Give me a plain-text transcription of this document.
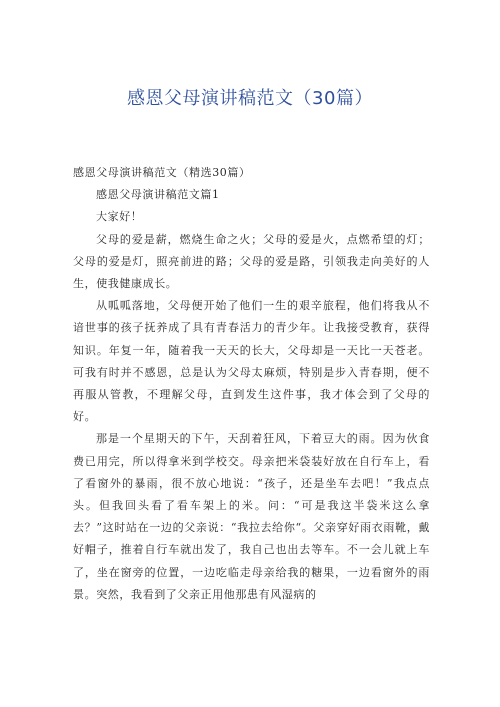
感恩父母演讲稿范文（30篇）

感恩父母演讲稿范文（精选30篇）

感恩父母演讲稿范文篇1

大家好！

父母的爱是薪，燃烧生命之火；父母的爱是火，点燃希望的灯；父母的爱是灯，照亮前进的路；父母的爱是路，引领我走向美好的人生，使我健康成长。

从呱呱落地，父母便开始了他们一生的艰辛旅程，他们将我从不谙世事的孩子抚养成了具有青春活力的青少年。让我接受教育，获得知识。年复一年，随着我一天天的长大，父母却是一天比一天苍老。可我有时并不感恩，总是认为父母太麻烦，特别是步入青春期，便不再服从管教，不理解父母，直到发生这件事，我才体会到了父母的好。

那是一个星期天的下午，天刮着狂风，下着豆大的雨。因为伙食费已用完，所以得拿米到学校交。母亲把米袋装好放在自行车上，看了看窗外的暴雨，很不放心地说：“孩子，还是坐车去吧！”我点点头。但我回头看了看车架上的米。问：“可是我这半袋米这么拿去？”这时站在一边的父亲说：“我拉去给你“。父亲穿好雨衣雨靴，戴好帽子，推着自行车就出发了，我自己也出去等车。不一会儿就上车了，坐在窗旁的位置，一边吃临走母亲给我的糖果，一边看窗外的雨景。突然，我看到了父亲正用他那患有风湿病的
